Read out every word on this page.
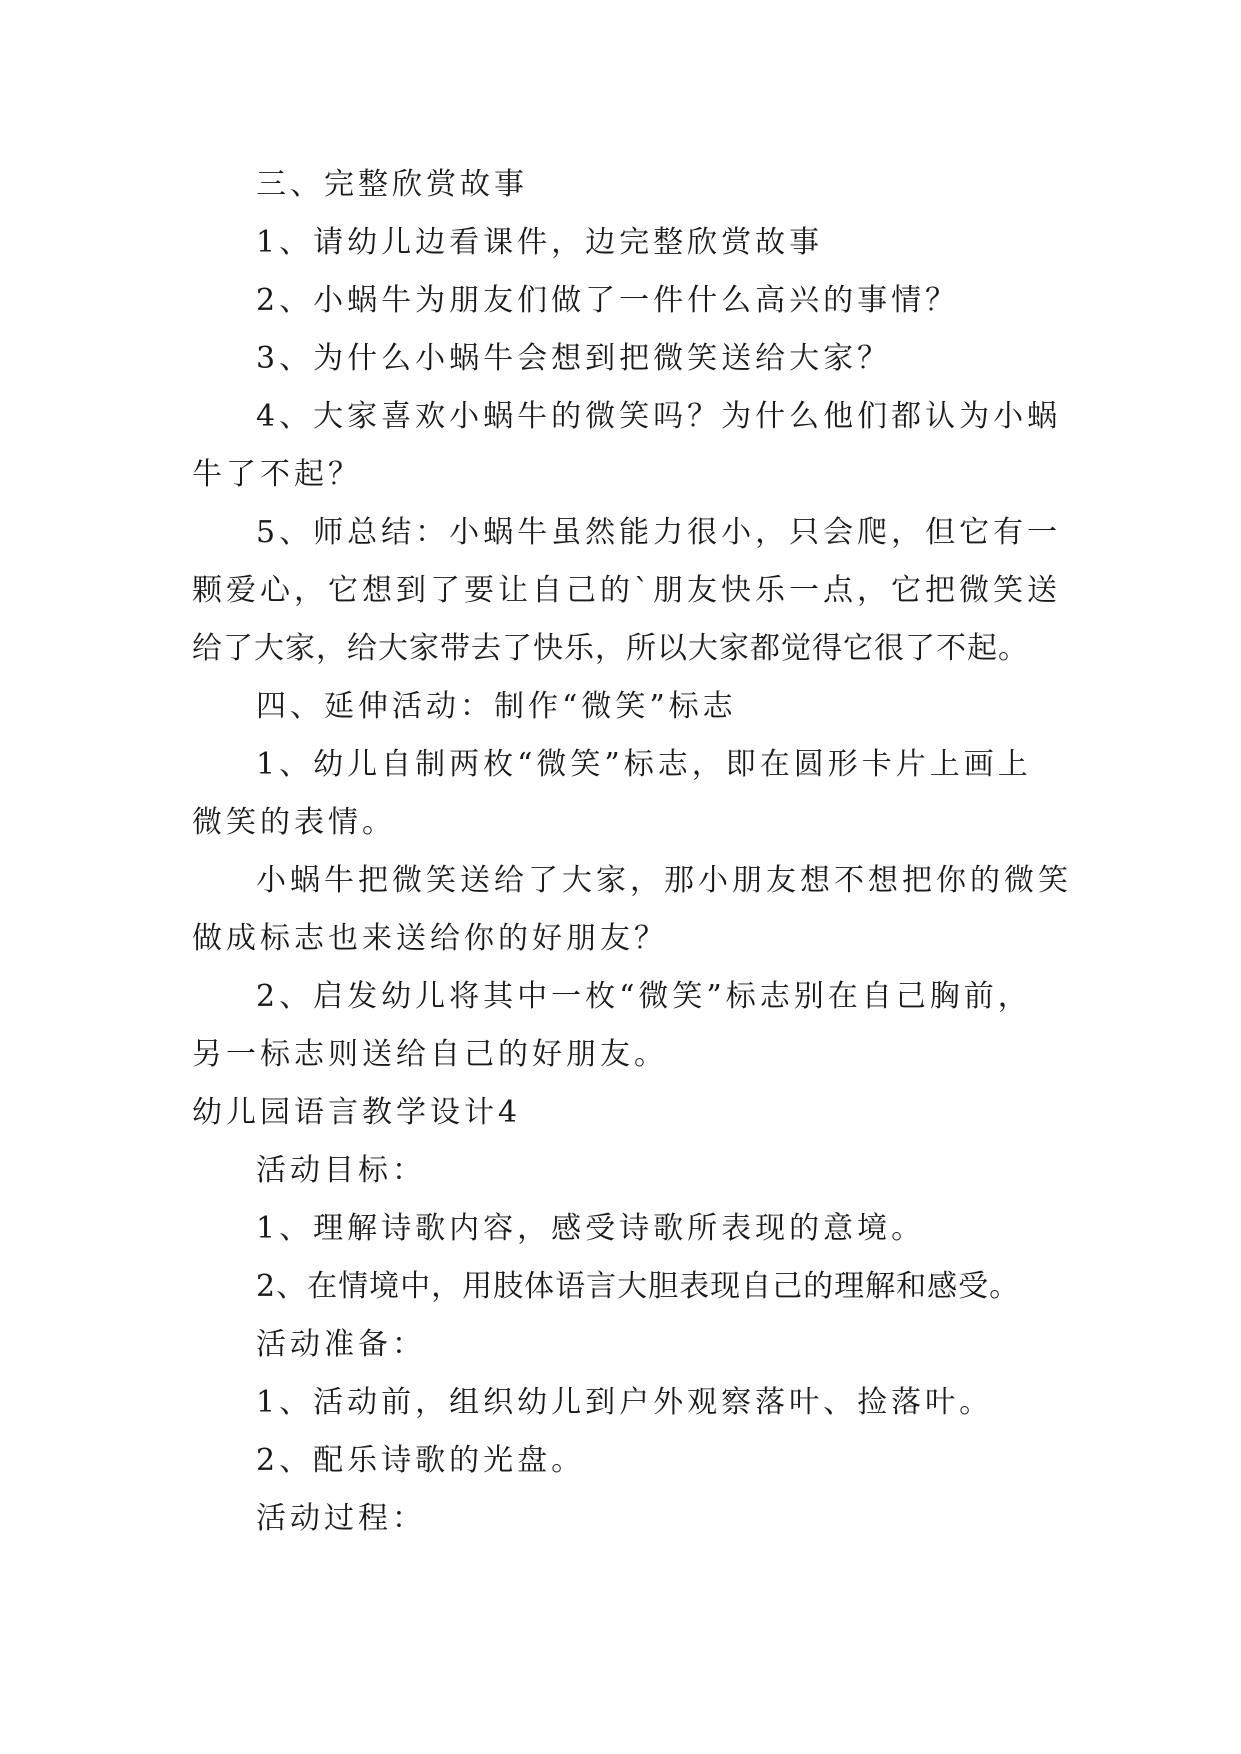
三、完整欣赏故事
1、请幼儿边看课件，边完整欣赏故事
2、小蜗牛为朋友们做了一件什么高兴的事情？
3、为什么小蜗牛会想到把微笑送给大家？
4、大家喜欢小蜗牛的微笑吗？为什么他们都认为小蜗
牛了不起？
5、师总结：小蜗牛虽然能力很小，只会爬，但它有一
颗爱心，它想到了要让自己的`朋友快乐一点，它把微笑送
给了大家，给大家带去了快乐，所以大家都觉得它很了不起。
四、延伸活动：制作“微笑”标志
1、幼儿自制两枚“微笑”标志，即在圆形卡片上画上
微笑的表情。
小蜗牛把微笑送给了大家，那小朋友想不想把你的微笑
做成标志也来送给你的好朋友？
2、启发幼儿将其中一枚“微笑”标志别在自己胸前，
另一标志则送给自己的好朋友。
幼儿园语言教学设计4
活动目标：
1、理解诗歌内容，感受诗歌所表现的意境。
2、在情境中，用肢体语言大胆表现自己的理解和感受。
活动准备：
1、活动前，组织幼儿到户外观察落叶、捡落叶。
2、配乐诗歌的光盘。
活动过程：
